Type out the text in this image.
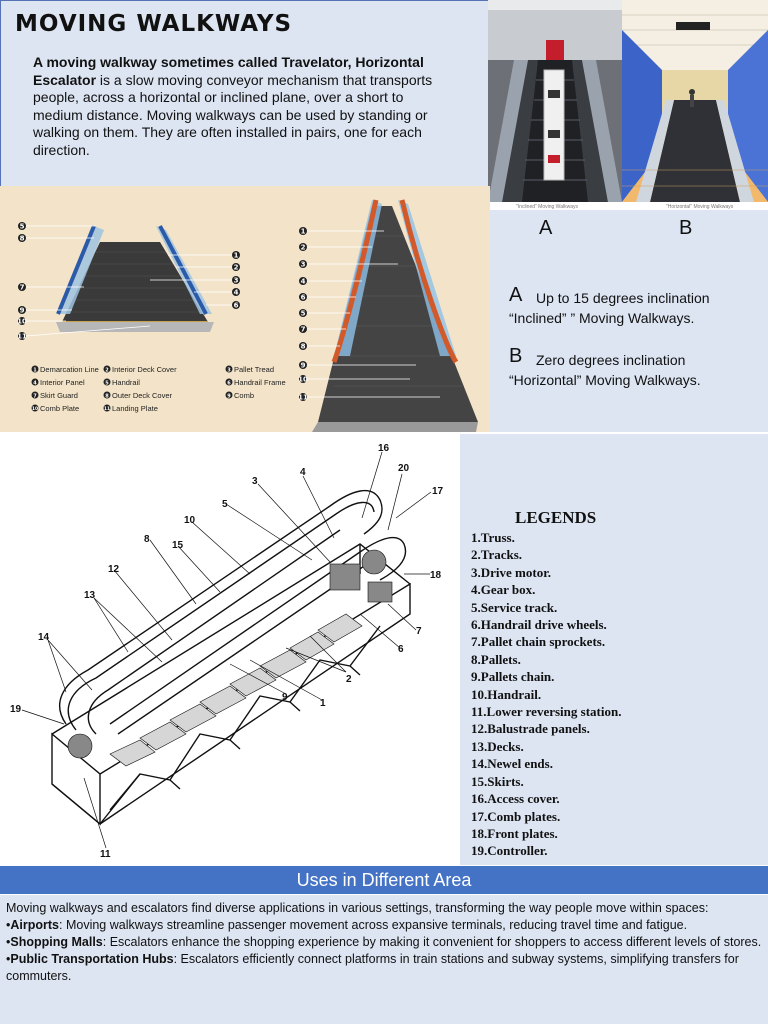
MOVING WALKWAYS
A moving walkway sometimes called Travelator, Horizontal Escalator is a slow moving conveyor mechanism that transports people, across a horizontal or inclined plane, over a short to medium distance. Moving walkways can be used by standing or walking on them. They are often installed in pairs, one for each direction.
"Inclined" Moving Walkways	"Horizontal" Moving Walkways
A	B
A Up to 15 degrees inclination
“Inclined” ” Moving Walkways.
B Zero degrees inclination
“Horizontal” Moving Walkways.
5
8
7
9
10
11
1
2
3
4
6
1
2
3
4
6
5
7
8
9
10
11
1 Demarcation Line 2 Interior Deck Cover	3 Pallet Tread
4 Interior Panel	5 Handrail	6 Handrail Frame
7 Skirt Guard	8 Outer Deck Cover	9 Comb
10 Comb Plate	11 Landing Plate
16
20
17
4
3
5
10
8
15
12
13
14
19
11
18
7
6
2
9
1
LEGENDS
1.Truss.
2.Tracks.
3.Drive motor.
4.Gear box.
5.Service track.
6.Handrail drive wheels.
7.Pallet chain sprockets.
8.Pallets.
9.Pallets chain.
10.Handrail.
11.Lower reversing station.
12.Balustrade panels.
13.Decks.
14.Newel ends.
15.Skirts.
16.Access cover.
17.Comb plates.
18.Front plates.
19.Controller.
Uses in Different Area

Moving walkways and escalators find diverse applications in various settings, transforming the way people move within spaces:

•Airports: Moving walkways streamline passenger movement across expansive terminals, reducing travel time and fatigue.

•Shopping Malls: Escalators enhance the shopping experience by making it convenient for shoppers to access different levels of stores.

•Public Transportation Hubs: Escalators efficiently connect platforms in train stations and subway systems, simplifying transfers for commuters.
